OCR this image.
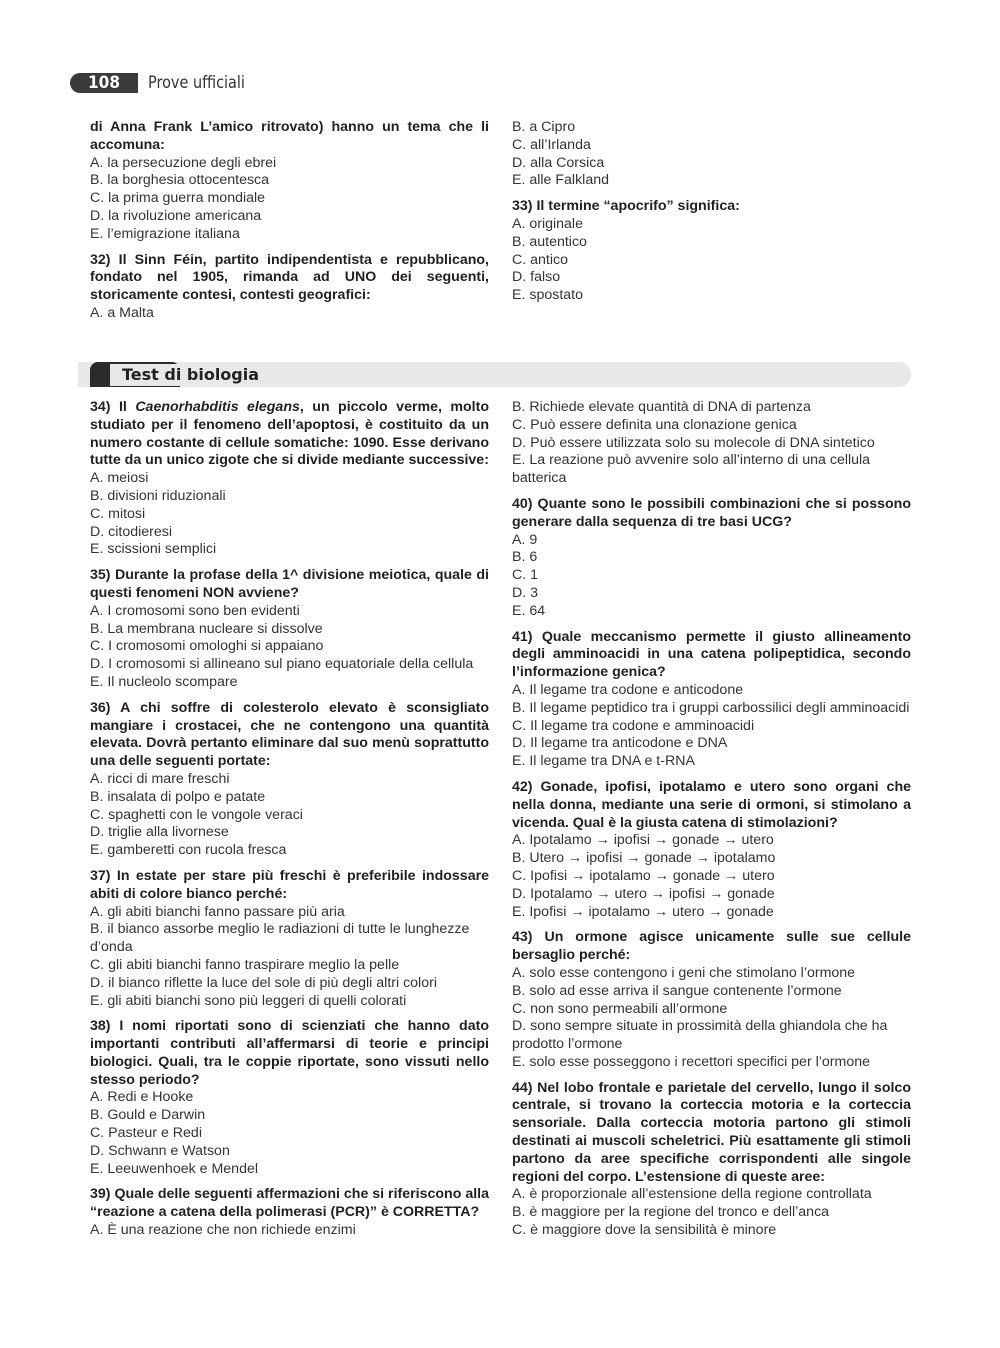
108	Prove ufficiali
di Anna Frank L’amico ritrovato) hanno un tema che li accomuna:
A. la persecuzione degli ebrei
B. la borghesia ottocentesca
C. la prima guerra mondiale
D. la rivoluzione americana
E. l’emigrazione italiana
32) Il Sinn Féin, partito indipendentista e repubblicano, fondato nel 1905, rimanda ad UNO dei seguenti, storicamente contesi, contesti geografici:
A. a Malta
B. a Cipro
C. all’Irlanda
D. alla Corsica
E. alle Falkland
33) Il termine “apocrifo” significa:
A. originale
B. autentico
C. antico
D. falso
E. spostato
Test di biologia
34) Il Caenorhabditis elegans, un piccolo verme, molto studiato per il fenomeno dell’apoptosi, è costituito da un numero costante di cellule somatiche: 1090. Esse derivano tutte da un unico zigote che si divide mediante successive:
A. meiosi
B. divisioni riduzionali
C. mitosi
D. citodieresi
E. scissioni semplici
35) Durante la profase della 1^ divisione meiotica, quale di questi fenomeni NON avviene?
A. I cromosomi sono ben evidenti
B. La membrana nucleare si dissolve
C. I cromosomi omologhi si appaiano
D. I cromosomi si allineano sul piano equatoriale della cellula
E. Il nucleolo scompare
36) A chi soffre di colesterolo elevato è sconsigliato mangiare i crostacei, che ne contengono una quantità elevata. Dovrà pertanto eliminare dal suo menù soprattutto una delle seguenti portate:
A. ricci di mare freschi
B. insalata di polpo e patate
C. spaghetti con le vongole veraci
D. triglie alla livornese
E. gamberetti con rucola fresca
37) In estate per stare più freschi è preferibile indossare abiti di colore bianco perché:
A. gli abiti bianchi fanno passare più aria
B. il bianco assorbe meglio le radiazioni di tutte le lunghezze d’onda
C. gli abiti bianchi fanno traspirare meglio la pelle
D. il bianco riflette la luce del sole di più degli altri colori
E. gli abiti bianchi sono più leggeri di quelli colorati
38) I nomi riportati sono di scienziati che hanno dato importanti contributi all’affermarsi di teorie e principi biologici. Quali, tra le coppie riportate, sono vissuti nello stesso periodo?
A. Redi e Hooke
B. Gould e Darwin
C. Pasteur e Redi
D. Schwann e Watson
E. Leeuwenhoek e Mendel
39) Quale delle seguenti affermazioni che si riferiscono alla “reazione a catena della polimerasi (PCR)” è CORRETTA?
A. È una reazione che non richiede enzimi
B. Richiede elevate quantità di DNA di partenza
C. Può essere definita una clonazione genica
D. Può essere utilizzata solo su molecole di DNA sintetico
E. La reazione può avvenire solo all’interno di una cellula batterica
40) Quante sono le possibili combinazioni che si possono generare dalla sequenza di tre basi UCG?
A. 9
B. 6
C. 1
D. 3
E. 64
41) Quale meccanismo permette il giusto allineamento degli amminoacidi in una catena polipeptidica, secondo l’informazione genica?
A. Il legame tra codone e anticodone
B. Il legame peptidico tra i gruppi carbossilici degli amminoacidi
C. Il legame tra codone e amminoacidi
D. Il legame tra anticodone e DNA
E. Il legame tra DNA e t-RNA
42) Gonade, ipofisi, ipotalamo e utero sono organi che nella donna, mediante una serie di ormoni, si stimolano a vicenda. Qual è la giusta catena di stimolazioni?
A. Ipotalamo → ipofisi → gonade → utero
B. Utero → ipofisi → gonade → ipotalamo
C. Ipofisi → ipotalamo → gonade → utero
D. Ipotalamo → utero → ipofisi → gonade
E. Ipofisi → ipotalamo → utero → gonade
43) Un ormone agisce unicamente sulle sue cellule bersaglio perché:
A. solo esse contengono i geni che stimolano l’ormone
B. solo ad esse arriva il sangue contenente l’ormone
C. non sono permeabili all’ormone
D. sono sempre situate in prossimità della ghiandola che ha prodotto l’ormone
E. solo esse posseggono i recettori specifici per l’ormone
44) Nel lobo frontale e parietale del cervello, lungo il solco centrale, si trovano la corteccia motoria e la corteccia sensoriale. Dalla corteccia motoria partono gli stimoli destinati ai muscoli scheletrici. Più esattamente gli stimoli partono da aree specifiche corrispondenti alle singole regioni del corpo. L’estensione di queste aree:
A. è proporzionale all’estensione della regione controllata
B. è maggiore per la regione del tronco e dell’anca
C. è maggiore dove la sensibilità è minore
